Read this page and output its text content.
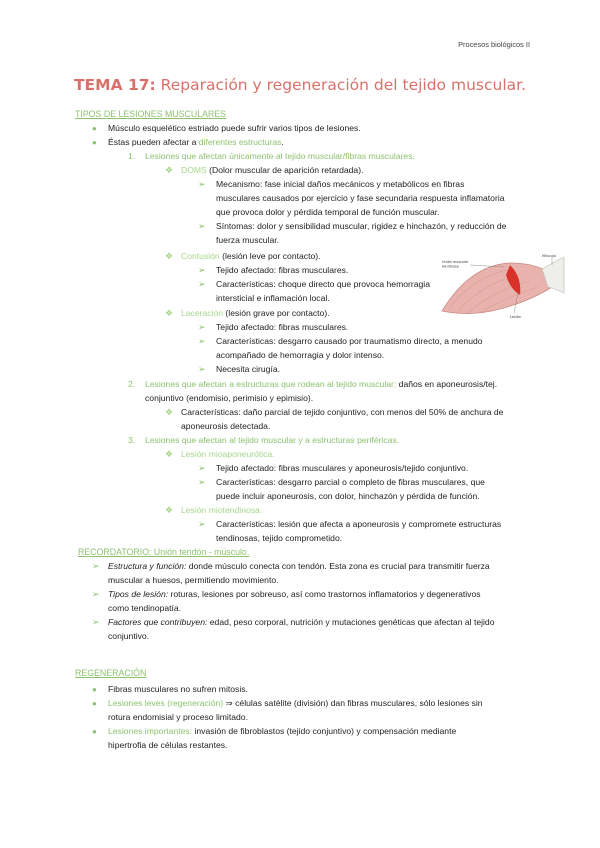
Procesos biológicos II
TEMA 17: Reparación y regeneración del tejido muscular.
TIPOS DE LESIONES MUSCULARES
● Músculo esquelético estriado puede sufrir varios tipos de lesiones.
● Éstas pueden afectar a diferentes estructuras.
1. Lesiones que afectan únicamente al tejido muscular/fibras musculares.
❖ DOMS (Dolor muscular de aparición retardada).
➢ Mecanismo: fase inicial daños mecánicos y metabólicos en fibras
musculares causados por ejercicio y fase secundaria respuesta inflamatoria
que provoca dolor y pérdida temporal de función muscular.
➢ Síntomas: dolor y sensibilidad muscular, rigidez e hinchazón, y reducción de
fuerza muscular.
❖ Contusión (lesión leve por contacto).
➢ Tejido afectado: fibras musculares.
➢ Características: choque directo que provoca hemorragia
intersticial e inflamación local.
Unión muscular
tendinosa
Lesión
Músculo
❖ Laceración (lesión grave por contacto).
➢ Tejido afectado: fibras musculares.
➢ Características: desgarro causado por traumatismo directo, a menudo
acompañado de hemorragia y dolor intenso.
➢ Necesita cirugía.
2. Lesiones que afectan a estructuras que rodean al tejido muscular: daños en aponeurosis/tej.
conjuntivo (endomisio, perimisio y epimisio).
❖ Características: daño parcial de tejido conjuntivo, con menos del 50% de anchura de
aponeurosis detectada.
3. Lesiones que afectan al tejido muscular y a estructuras periféricas.
❖ Lesión mioaponeurótica.
➢ Tejido afectado: fibras musculares y aponeurosis/tejido conjuntivo.
➢ Características: desgarro parcial o completo de fibras musculares, que
puede incluir aponeurosis, con dolor, hinchazón y pérdida de función.
❖ Lesión miotendinosa.
➢ Características: lesión que afecta a aponeurosis y compromete estructuras
tendinosas, tejido comprometido.
RECORDATORIO: Unión tendón - músculo.
➢ Estructura y función: donde músculo conecta con tendón. Esta zona es crucial para transmitir fuerza
muscular a huesos, permitiendo movimiento.
➢ Tipos de lesión: roturas, lesiones por sobreuso, así como trastornos inflamatorios y degenerativos
como tendinopatía.
➢ Factores que contribuyen: edad, peso corporal, nutrición y mutaciones genéticas que afectan al tejido
conjuntivo.
REGENERACIÓN
● Fibras musculares no sufren mitosis.
● Lesiones leves (regeneración) ⇒ células satélite (división) dan fibras musculares, sólo lesiones sin
rotura endomisial y proceso limitado.
● Lesiones importantes: invasión de fibroblastos (tejido conjuntivo) y compensación mediante
hipertrofia de células restantes.
